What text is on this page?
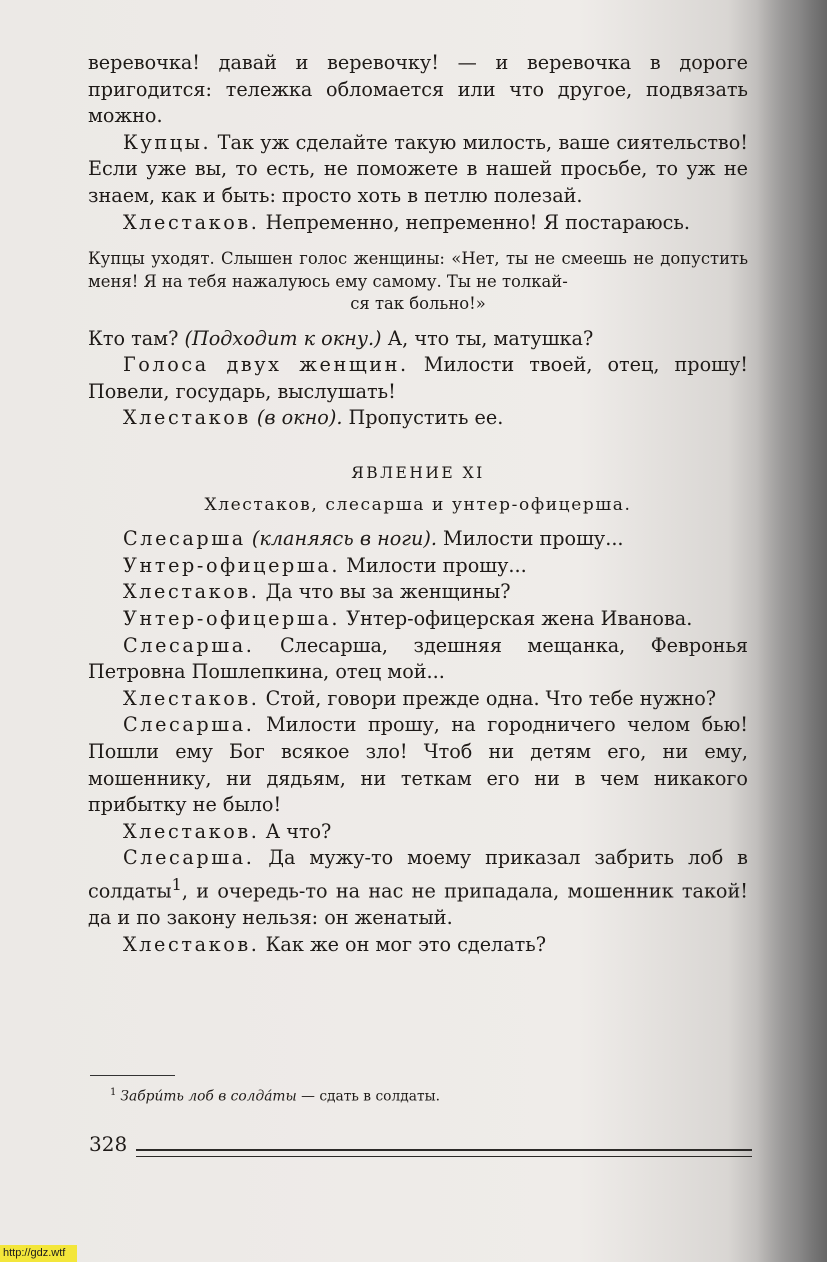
веревочка! давай и веревочку! — и веревочка в дороге пригодится: тележка обломается или что другое, подвязать можно.

Купцы. Так уж сделайте такую милость, ваше сиятельство! Если уже вы, то есть, не поможете в нашей просьбе, то уж не знаем, как и быть: просто хоть в петлю полезай.

Хлестаков. Непременно, непременно! Я постараюсь.

Купцы уходят. Слышен голос женщины: «Нет, ты не смеешь не допустить меня! Я на тебя нажалуюсь ему самому. Ты не толкай-
ся так больно!»

Кто там? (Подходит к окну.) А, что ты, матушка?

Голоса двух женщин. Милости твоей, отец, прошу! Повели, государь, выслушать!

Хлестаков (в окно). Пропустить ее.

ЯВЛЕНИЕ XI

Хлестаков, слесарша и унтер-офицерша.

Слесарша (кланяясь в ноги). Милости прошу...

Унтер-офицерша. Милости прошу...

Хлестаков. Да что вы за женщины?

Унтер-офицерша. Унтер-офицерская жена Иванова.

Слесарша. Слесарша, здешняя мещанка, Февронья Петровна Пошлепкина, отец мой...

Хлестаков. Стой, говори прежде одна. Что тебе нужно?

Слесарша. Милости прошу, на городничего челом бью! Пошли ему Бог всякое зло! Чтоб ни детям его, ни ему, мошеннику, ни дядьям, ни теткам его ни в чем никакого прибытку не было!

Хлестаков. А что?

Слесарша. Да мужу-то моему приказал забрить лоб в солдаты$^1$, и очередь-то на нас не припадала, мошенник такой! да и по закону нельзя: он женатый.

Хлестаков. Как же он мог это сделать?

$^1$ Забри́ть лоб в солда́ты — сдать в солдаты.
328
http://gdz.wtf
